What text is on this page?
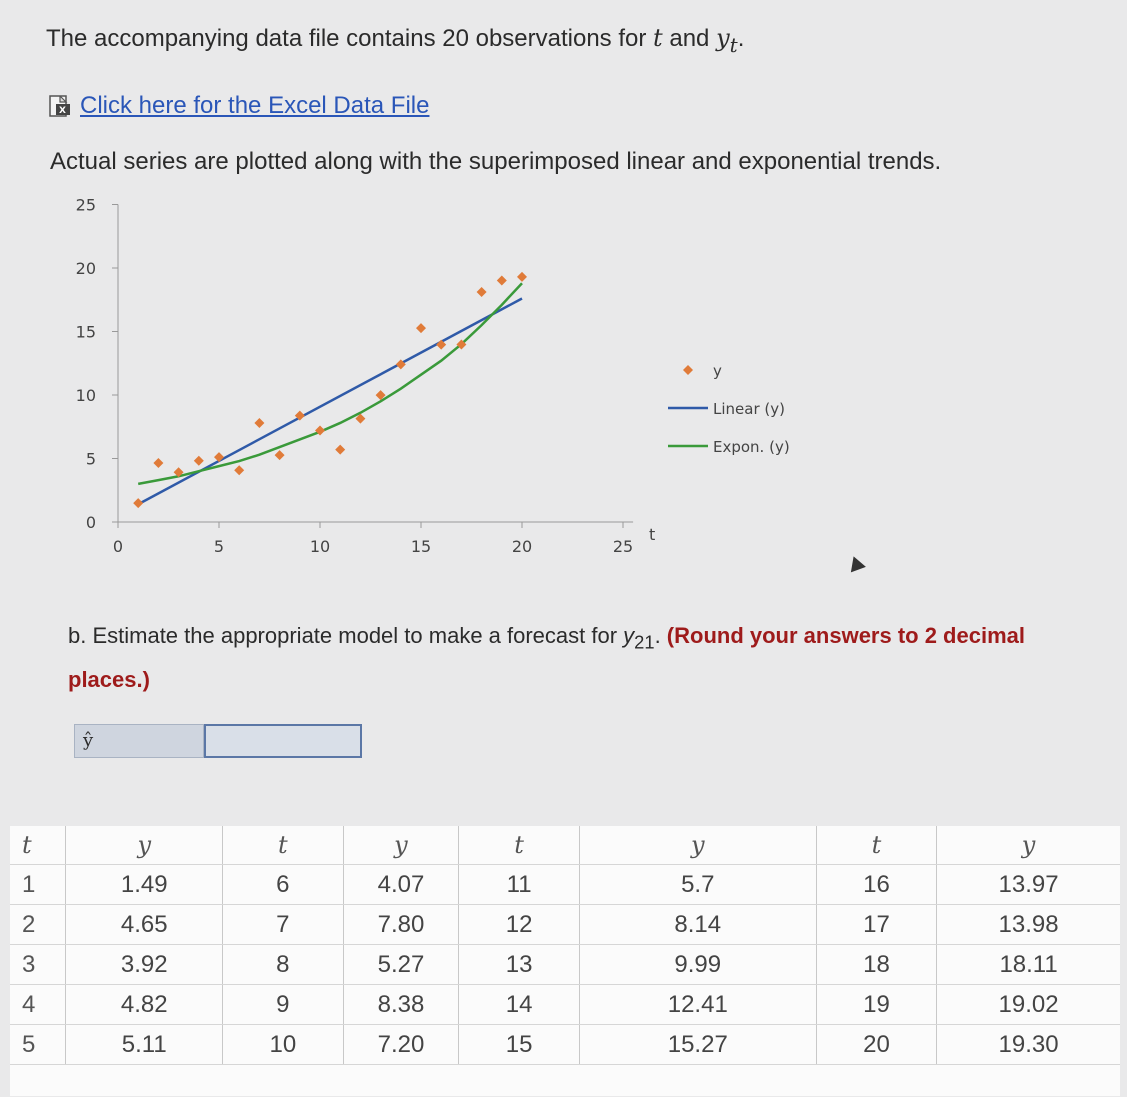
The accompanying data file contains 20 observations for t and $y_t$.
X Click here for the Excel Data File
Actual series are plotted along with the superimposed linear and exponential trends.
0
5
10
15
20
25
0	5	10	15	20	25
t
y
Linear (y)
Expon. (y)
b. Estimate the appropriate model to make a forecast for $y_{21}$. (Round your answers to 2 decimal places.)
ŷ
t	y	t	y	t	y	t	y
1	1.49	6	4.07	11	5.7	16	13.97
2	4.65	7	7.80	12	8.14	17	13.98
3	3.92	8	5.27	13	9.99	18	18.11
4	4.82	9	8.38	14	12.41	19	19.02
5	5.11	10	7.20	15	15.27	20	19.30
